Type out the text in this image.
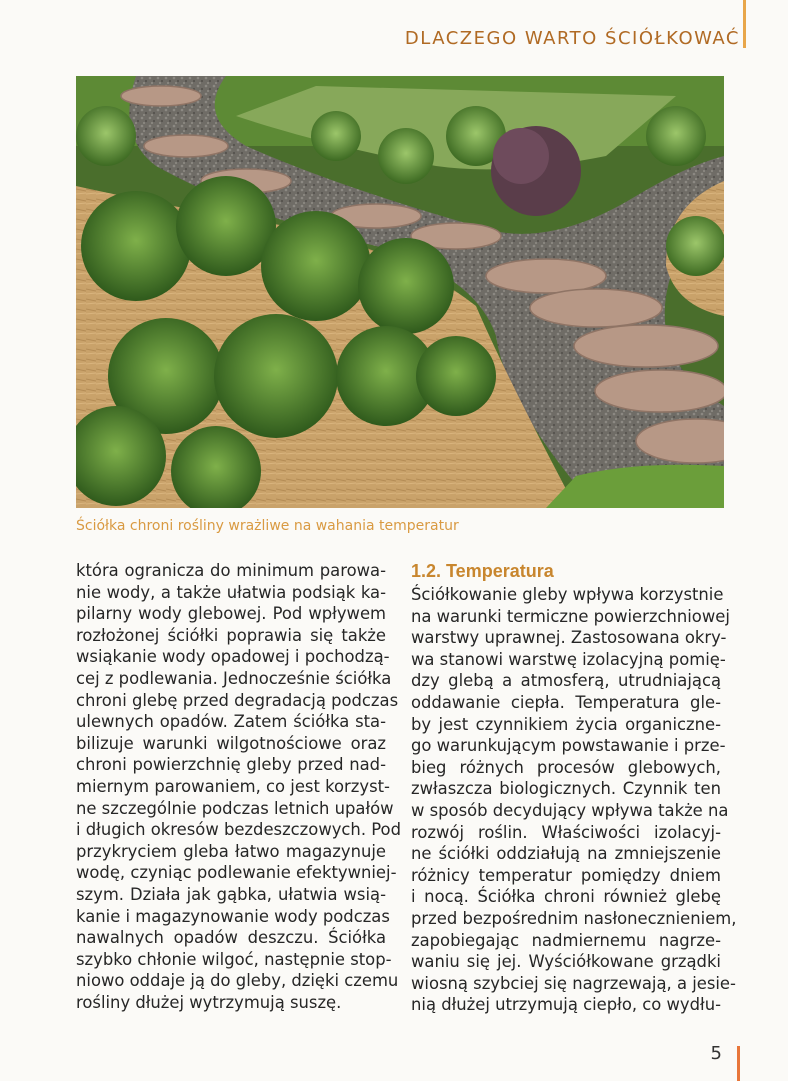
DLACZEGO WARTO ŚCIÓŁKOWAĆ
Ściółka chroni rośliny wrażliwe na wahania temperatur

która ogranicza do minimum parowa-
nie wody, a także ułatwia podsiąk ka-
pilarny wody glebowej. Pod wpływem
rozłożonej ściółki poprawia się także
wsiąkanie wody opadowej i pochodzą-
cej z podlewania. Jednocześnie ściółka
chroni glebę przed degradacją podczas
ulewnych opadów. Zatem ściółka sta-
bilizuje warunki wilgotnościowe oraz
chroni powierzchnię gleby przed nad-
miernym parowaniem, co jest korzyst-
ne szczególnie podczas letnich upałów
i długich okresów bezdeszczowych. Pod
przykryciem gleba łatwo magazynuje
wodę, czyniąc podlewanie efektywniej-
szym. Działa jak gąbka, ułatwia wsią-
kanie i magazynowanie wody podczas
nawalnych opadów deszczu. Ściółka
szybko chłonie wilgoć, następnie stop-
niowo oddaje ją do gleby, dzięki czemu
rośliny dłużej wytrzymują suszę.

1.2. Temperatura

Ściółkowanie gleby wpływa korzystnie
na warunki termiczne powierzchniowej
warstwy uprawnej. Zastosowana okry-
wa stanowi warstwę izolacyjną pomię-
dzy glebą a atmosferą, utrudniającą
oddawanie ciepła. Temperatura gle-
by jest czynnikiem życia organiczne-
go warunkującym powstawanie i prze-
bieg różnych procesów glebowych,
zwłaszcza biologicznych. Czynnik ten
w sposób decydujący wpływa także na
rozwój roślin. Właściwości izolacyj-
ne ściółki oddziałują na zmniejszenie
różnicy temperatur pomiędzy dniem
i nocą. Ściółka chroni również glebę
przed bezpośrednim nasłonecznieniem,
zapobiegając nadmiernemu nagrze-
waniu się jej. Wyściółkowane grządki
wiosną szybciej się nagrzewają, a jesie-
nią dłużej utrzymują ciepło, co wydłu-

5
